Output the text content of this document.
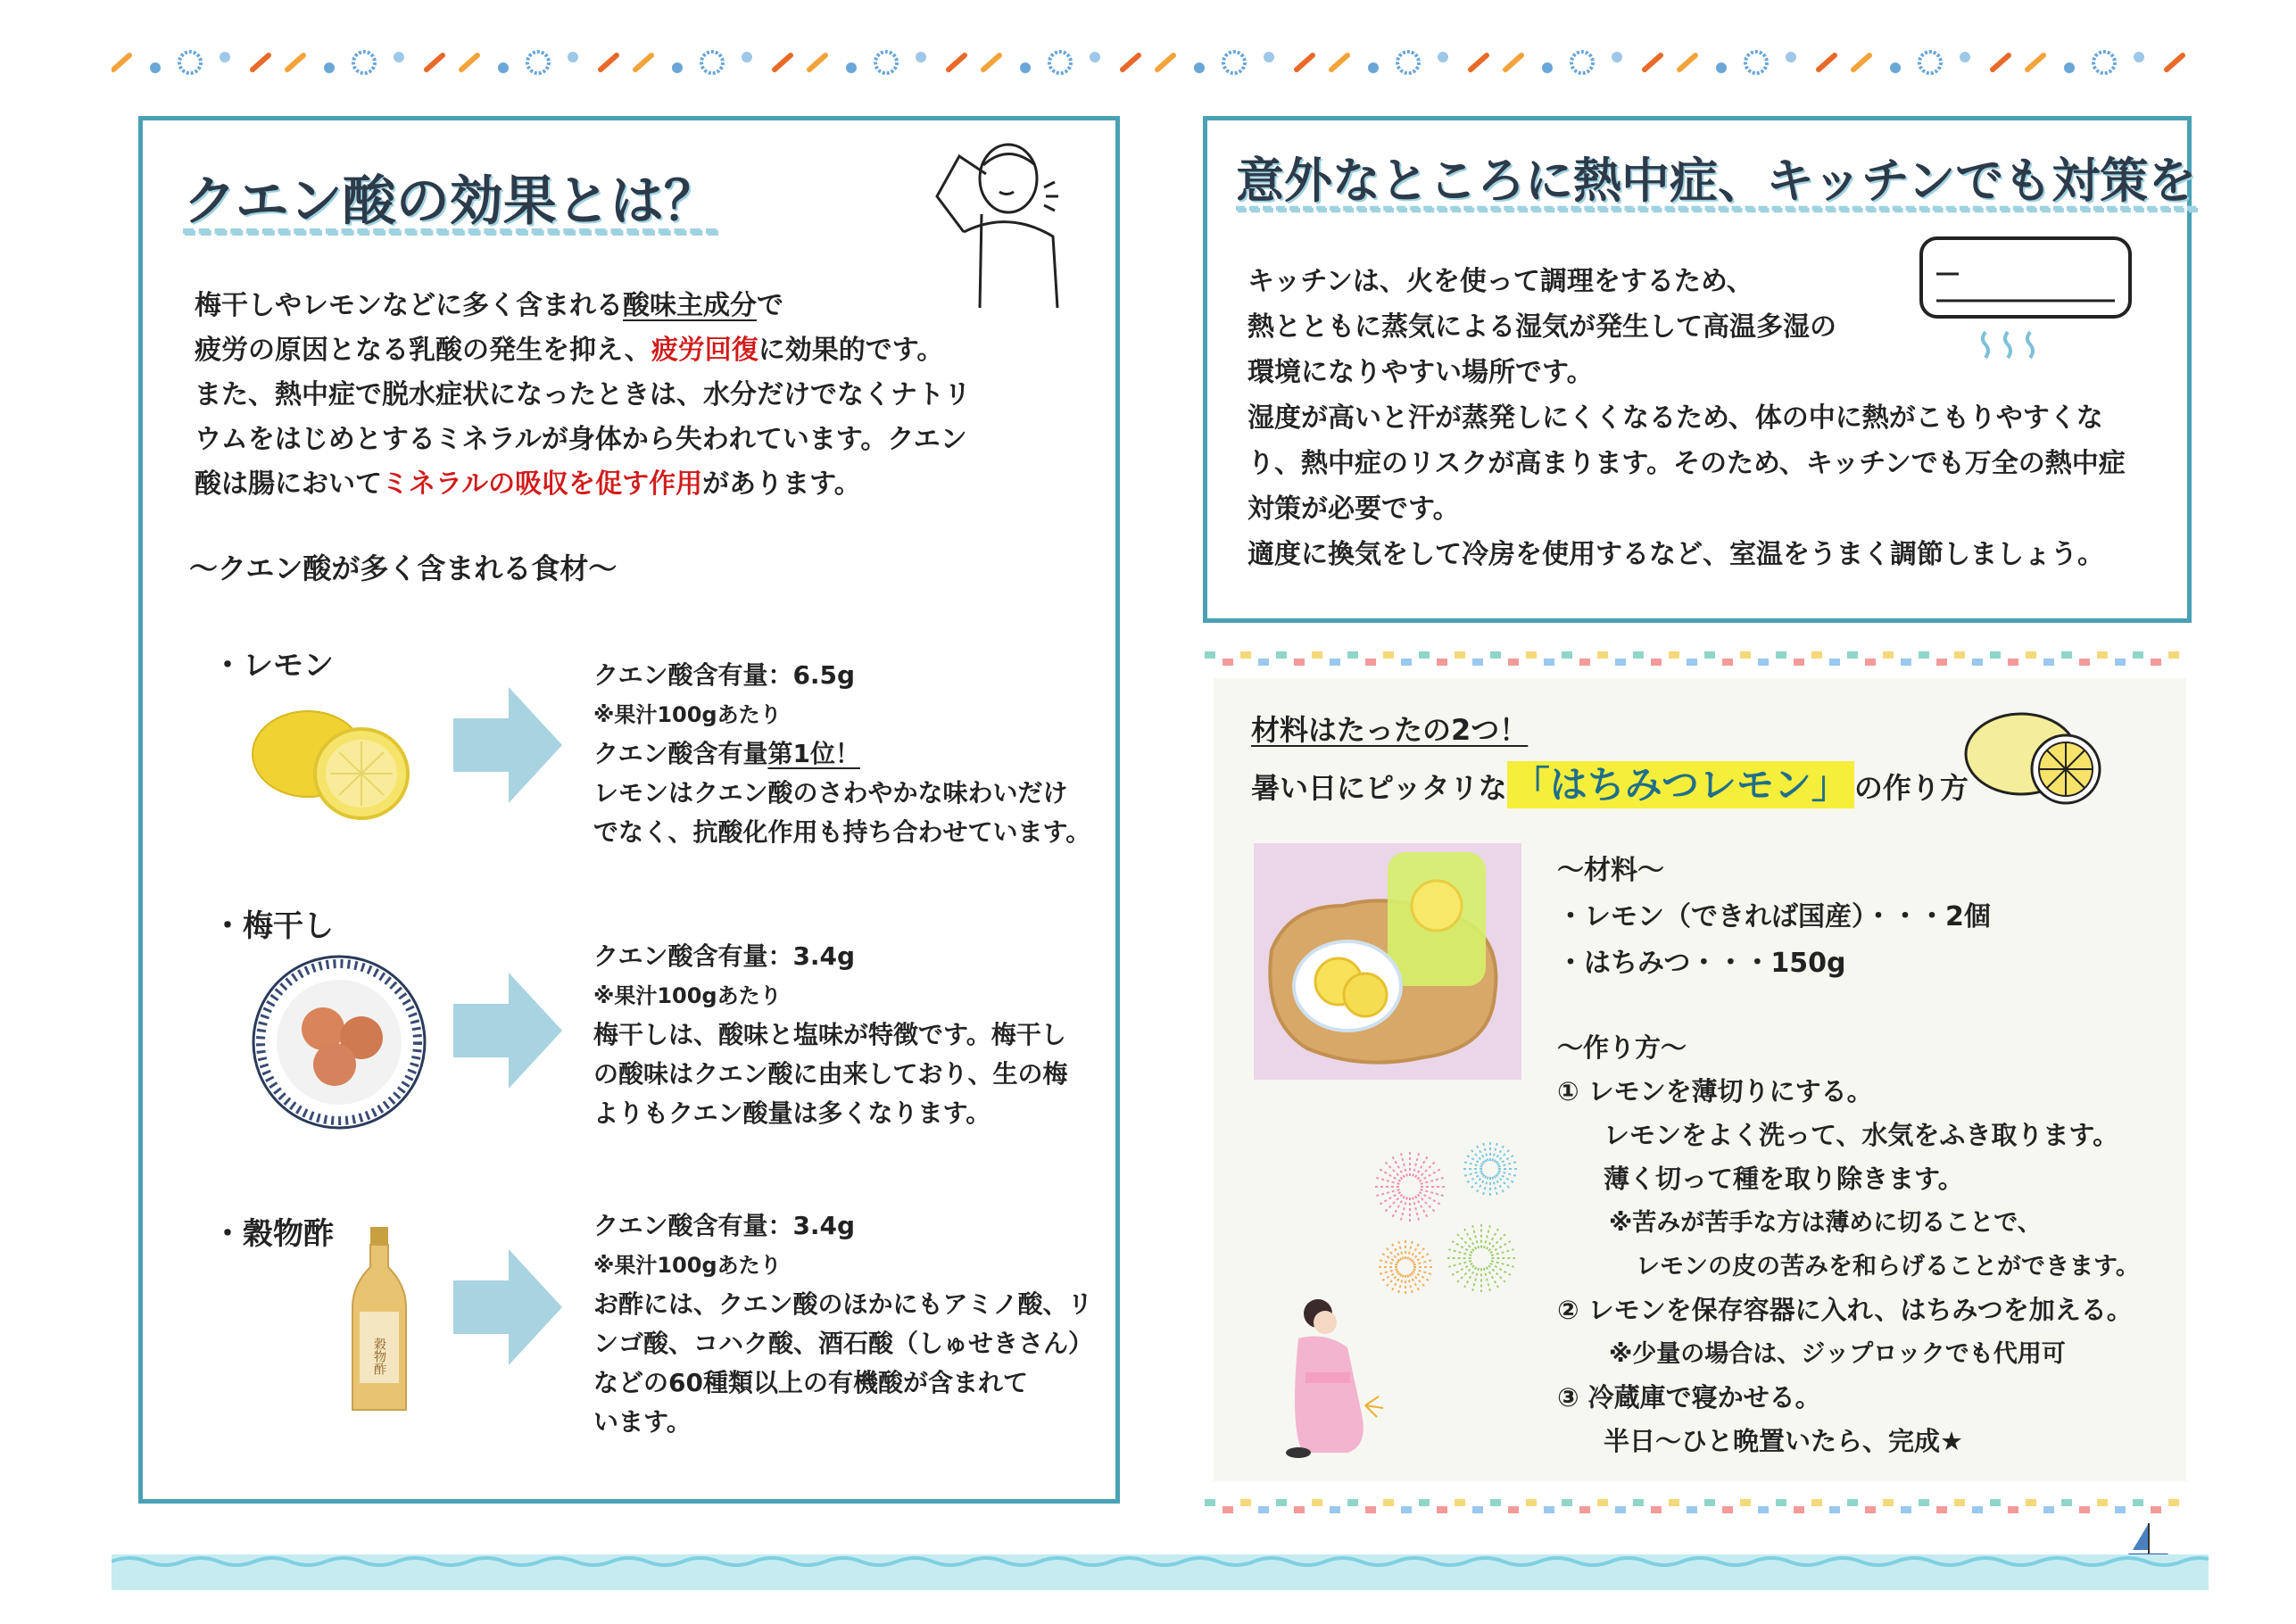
クエン酸の効果とは？
梅干しやレモンなどに多く含まれる酸味主成分で
疲労の原因となる乳酸の発生を抑え、疲労回復に効果的です。
また、熱中症で脱水症状になったときは、水分だけでなくナトリ
ウムをはじめとするミネラルが身体から失われています。クエン
酸は腸においてミネラルの吸収を促す作用があります。
～クエン酸が多く含まれる食材～
・レモン	クエン酸含有量：6.5g
※果汁100gあたり
クエン酸含有量第1位！
レモンはクエン酸のさわやかな味わいだけ
でなく、抗酸化作用も持ち合わせています。
・梅干し
クエン酸含有量：3.4g
※果汁100gあたり
梅干しは、酸味と塩味が特徴です。梅干し
の酸味はクエン酸に由来しており、生の梅
よりもクエン酸量は多くなります。
・穀物酢
穀物酢
クエン酸含有量：3.4g
※果汁100gあたり
お酢には、クエン酸のほかにもアミノ酸、リ
ンゴ酸、コハク酸、酒石酸（しゅせきさん）
などの60種類以上の有機酸が含まれて
います。
意外なところに熱中症、キッチンでも対策を
キッチンは、火を使って調理をするため、
熱とともに蒸気による湿気が発生して高温多湿の
環境になりやすい場所です。
湿度が高いと汗が蒸発しにくくなるため、体の中に熱がこもりやすくな
り、熱中症のリスクが高まります。そのため、キッチンでも万全の熱中症
対策が必要です。
適度に換気をして冷房を使用するなど、室温をうまく調節しましょう。
材料はたったの2つ！
暑い日にピッタリな 「はちみつレモン」 の作り方
～材料～
・レモン（できれば国産）・・・2個
・はちみつ・・・150g
～作り方～
① レモンを薄切りにする。
レモンをよく洗って、水気をふき取ります。
薄く切って種を取り除きます。
※苦みが苦手な方は薄めに切ることで、
レモンの皮の苦みを和らげることができます。
② レモンを保存容器に入れ、はちみつを加える。
※少量の場合は、ジップロックでも代用可
③ 冷蔵庫で寝かせる。
半日～ひと晩置いたら、完成★
